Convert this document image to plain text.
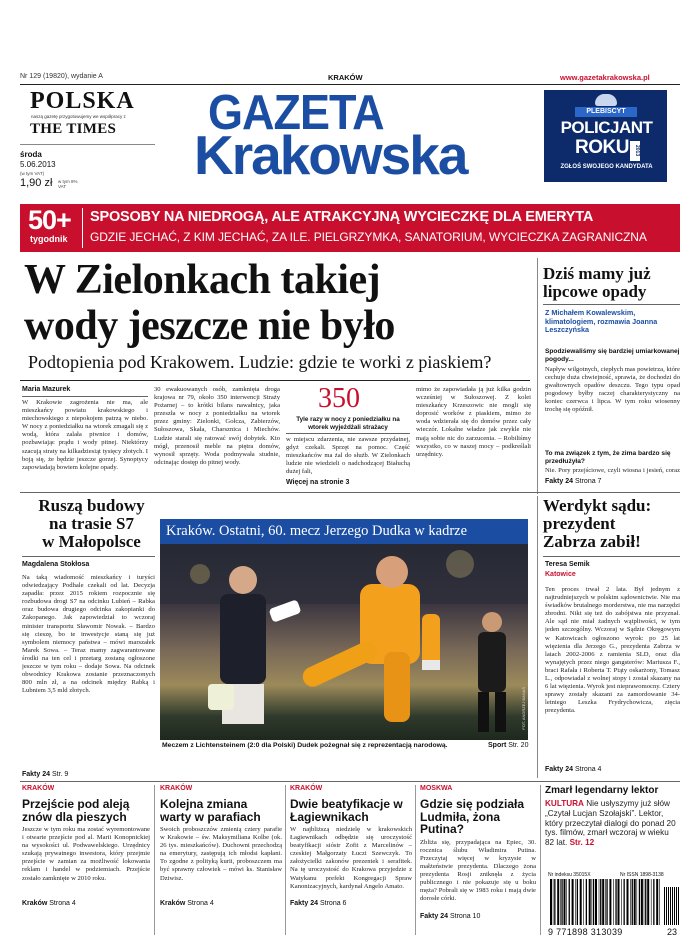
Nr 129 (19820), wydanie A	KRAKÓW	www.gazetakrakowska.pl
POLSKA
naszą gazetę przygotowujemy we współpracy z
THE TIMES
środa
5.06.2013
(w tym VAT)
1,90 zł w tym 8% VAT
GAZETA
Krakowska
PLEBISCYT
POLICJANT
ROKU	2013
ZGŁOŚ SWOJEGO KANDYDATA
50+
tygodnik
SPOSOBY NA NIEDROGĄ, ALE ATRAKCYJNĄ WYCIECZKĘ DLA EMERYTA
GDZIE JECHAĆ, Z KIM JECHAĆ, ZA ILE. PIELGRZYMKA, SANATORIUM, WYCIECZKA ZAGRANICZNA
W Zielonkach takiej
wody jeszcze nie było
Podtopienia pod Krakowem. Ludzie: gdzie te worki z piaskiem?
Maria Mazurek
W Krakowie zagrożenia nie ma, ale mieszkańcy powiatu krakowskiego i miechowskiego z niepokojem patrzą w niebo. W nocy z poniedziałku na wtorek zmagali się z wodą, która zalała piwnice i domów, pozbawiając prądu i wody pitnej. Niektórzy szacują straty na kilkadziesiąt tysięcy złotych. I boją się, że będzie jeszcze gorzej. Synoptycy zapowiadają bowiem kolejne opady.
30 ewakuowanych osób, zamknięta droga krajowa nr 79, około 350 interwencji Straży Pożarnej – to krótki bilans nawałnicy, jaka przeszła w nocy z poniedziałku na wtorek przez gminy: Zielonki, Gołcza, Zabierzów, Sułoszowa, Skała, Charsznica i Miechów. Ludzie starali się ratować swój dobytek. Kto mógł, przenosił meble na piętra domów, wynosił sprzęty. Woda podmywała studnie, odcinając dostęp do pitnej wody.
350
Tyle razy w nocy z poniedziałku na wtorek wyjeżdżali strażacy
w miejscu zdarzenia, nie zawsze przydatnej, gdyż czekali. Sprzęt na pomoc. Część mieszkańców ma żal do służb. W Zielonkach ludzie nie wiedzieli o nadchodzącej Białuchą dużej fali,
Więcej na stronie 3
mimo że zapowiadała ją już kilka godzin wcześniej w Sułoszowej. Z kolei mieszkańcy Krzeszowic nie mogli się doprosić worków z piaskiem, mimo że woda wdzierała się do domów przez cały wieczór. Lokalne władze jak zwykle nie mają sobie nic do zarzucenia. – Robiliśmy wszystko, co w naszej mocy – podkreślali urzędnicy.
Dziś mamy już
lipcowe opady
Z Michałem Kowalewskim, klimatologiem, rozmawia Joanna Leszczyńska
Spodziewaliśmy się bardziej umiarkowanej pogody...
Napływ wilgotnych, ciepłych mas powietrza, które cechuje duża chwiejność, sprawia, że dochodzi do gwałtownych opadów deszczu. Tego typu opad pogodowy byłby raczej charakterystyczny na koniec czerwca i lipca. W tym roku wiosenny trochę się opóźnił.
To ma związek z tym, że zima bardzo się przedłużyła?
Nie. Pory przejściowe, czyli wiosna i jesień, coraz
Fakty 24 Strona 7
Ruszą budowy
na trasie S7
w Małopolsce
Magdalena Stokłosa
Na taką wiadomość mieszkańcy i turyści odwiedzający Podhale czekali od lat. Decyzja zapadła: przez 2015 rokiem rozpocznie się rozbudowa drogi S7 na odcinku Lubień – Rabka oraz budowa drugiego odcinka zakopianki do Zakopanego. Jak zapowiedział to wczoraj minister transportu Sławomir Nowak. – Bardzo się cieszę, bo te inwestycje staną się już symbolem niemocy państwa – mówi marszałek Marek Sowa. – Teraz mamy zagwarantowane środki na ten cel i przetarg zostaną ogłoszone jeszcze w tym roku – dodaje Sowa. Na odcinek obwodnicy Krakowa zostanie przeznaczonych 800 mln zł, a na odcinek między Rabką i Lubniem 3,5 mld złotych.
Fakty 24 Str. 9
Kraków. Ostatni, 60. mecz Jerzego Dudka w kadrze
FOT. ANDRZEJ BANAŚ
Meczem z Lichtensteinem (2:0 dla Polski) Dudek pożegnał się z reprezentacją narodową.	Sport Str. 20
Werdykt sądu:
prezydent
Zabrza zabił!
Teresa Semik
Katowice
Ten proces trwał 2 lata. Był jednym z najtrudniejszych w polskim sądownictwie. Nie ma świadków brutalnego morderstwa, nie ma narzędzi zbrodni. Nikt się też do zabójstwa nie przyznał. Ale sąd nie miał żadnych wątpliwości, w tym jeden szczególny. Wczoraj w Sądzie Okręgowym w Katowicach ogłoszono wyrok: po 25 lat więzienia dla Jerzego G., prezydenta Zabrza w latach 2002-2006 z ramienia SLD, oraz dla wynajętych przez niego gangsterów: Mariusza F., braci Rafała i Roberta T. Piąty oskarżony, Tomasz L., odpowiadał z wolnej stopy i został skazany na 6 lat więzienia. Wyrok jest nieprawomocny. Cztery sprawy zostały skazani za zamordowanie 34-letniego Leszka Frydrychowicza, zięcia prezydenta.
Fakty 24 Strona 4
KRAKÓW
Przejście pod aleją znów dla pieszych
Jeszcze w tym roku ma zostać wyremontowane i otwarte przejście pod al. Marii Konopnickiej na wysokości ul. Podwawelskiego. Urzędnicy szukają prywatnego inwestora, który przejmie przejście w zamian za możliwość lokowania reklam i handel w podziemiach. Przejście zostało zamknięte w 2010 roku.
Kraków Strona 4
KRAKÓW
Kolejna zmiana warty w parafiach
Swoich proboszczów zmienią cztery parafie w Krakowie – św. Maksymiliana Kolbe (ok. 26 tys. mieszkańców). Duchowni przechodzą na emerytury, zastępują ich młodsi kapłani. To zgodne z polityką kurii, proboszczem ma być sprawny człowiek – mówi ks. Stanisław Dziwisz.
Kraków Strona 4
KRAKÓW
Dwie beatyfikacje w Łagiewnikach
W najbliższą niedzielę w krakowskich Łagiewnikach odbędzie się uroczystość beatyfikacji sióstr Zofii z Marcelinów – czeskiej Małgorzaty Łuczi Szewczyk. To założycielki zakonów prezentek i serafitek. Na tę uroczystość do Krakowa przyjedzie z Watykanu prefekt Kongregacji Spraw Kanonizacyjnych, kardynał Angelo Amato.
Fakty 24 Strona 6
MOSKWA
Gdzie się podziała Ludmiła, żona Putina?
Zbliża się, przypadająca na Epiec, 30. rocznica ślubu Władimira Putina. Przeczytaj więcej w kryzysie w małżeństwie prezydenta. Dlaczego żona prezydenta Rosji zniknęła z życia publicznego i nie pokazuje się u boku męża? Pobrali się w 1983 roku i mają dwie dorosłe córki.
Fakty 24 Strona 10
Zmarł legendarny lektor
KULTURA Nie usłyszymy już słów „Czytał Lucjan Szołajski”. Lektor, który przeczytał dialogi do ponad 20 tys. filmów, zmarł wczoraj w wieku 82 lat. Str. 12
Nr indeksu 35015X	Nr ISSN 1898-3138
9 771898 313039	23
